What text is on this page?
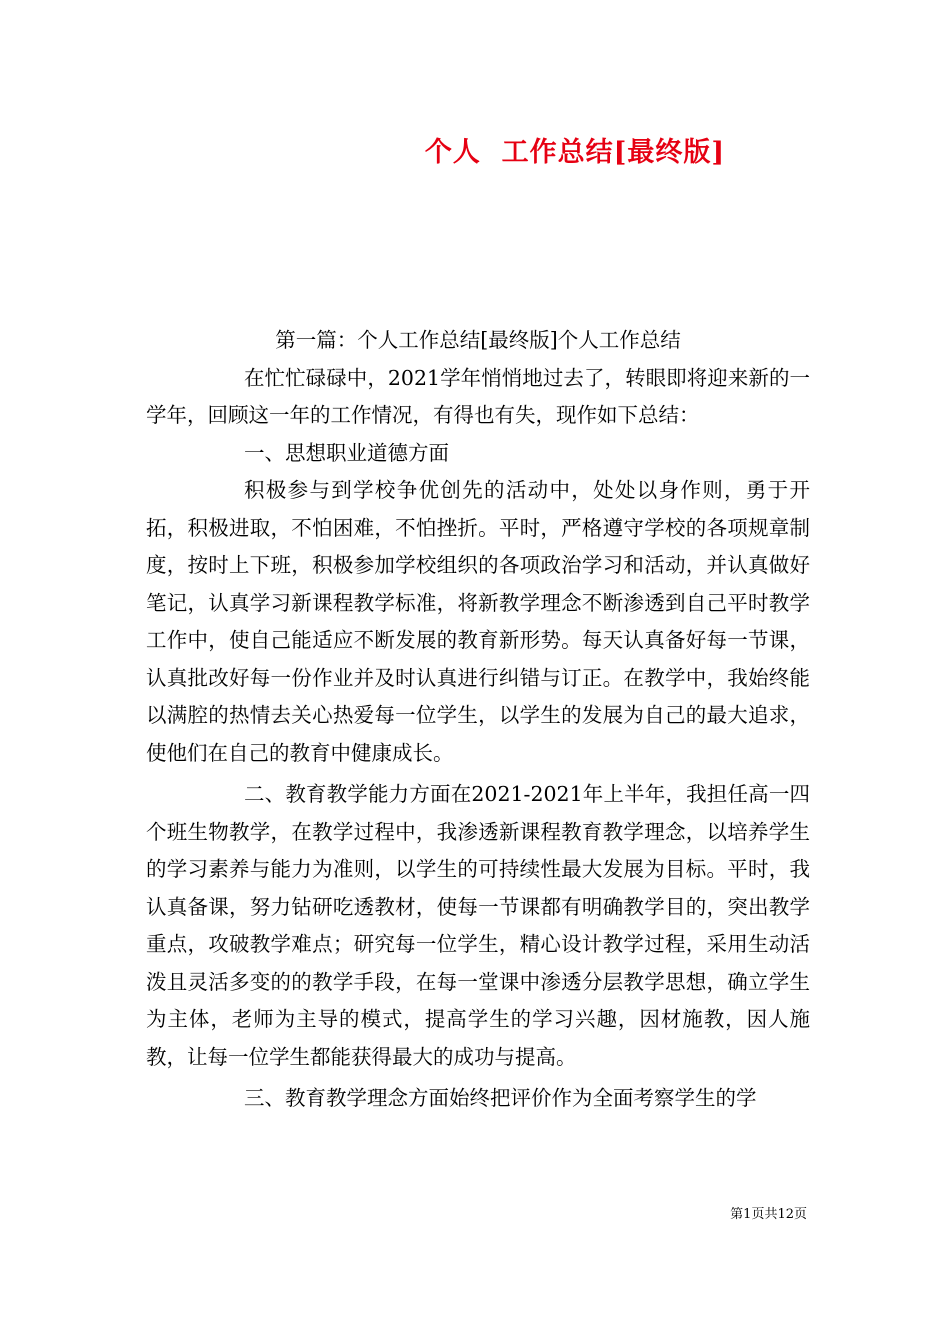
个人  工作总结[最终版]

第一篇：个人工作总结[最终版]个人工作总结

在忙忙碌碌中，2021学年悄悄地过去了，转眼即将迎来新的一学年，回顾这一年的工作情况，有得也有失，现作如下总结：

一、思想职业道德方面

积极参与到学校争优创先的活动中，处处以身作则，勇于开拓，积极进取，不怕困难，不怕挫折。平时，严格遵守学校的各项规章制度，按时上下班，积极参加学校组织的各项政治学习和活动，并认真做好笔记，认真学习新课程教学标准，将新教学理念不断渗透到自己平时教学工作中，使自己能适应不断发展的教育新形势。每天认真备好每一节课，认真批改好每一份作业并及时认真进行纠错与订正。在教学中，我始终能以满腔的热情去关心热爱每一位学生，以学生的发展为自己的最大追求，使他们在自己的教育中健康成长。

二、教育教学能力方面在2021-2021年上半年，我担任高一四个班生物教学，在教学过程中，我渗透新课程教育教学理念，以培养学生的学习素养与能力为准则，以学生的可持续性最大发展为目标。平时，我认真备课，努力钻研吃透教材，使每一节课都有明确教学目的，突出教学重点，攻破教学难点；研究每一位学生，精心设计教学过程，采用生动活泼且灵活多变的的教学手段，在每一堂课中渗透分层教学思想，确立学生为主体，老师为主导的模式，提高学生的学习兴趣，因材施教，因人施教，让每一位学生都能获得最大的成功与提高。

三、教育教学理念方面始终把评价作为全面考察学生的学

第1页共12页
